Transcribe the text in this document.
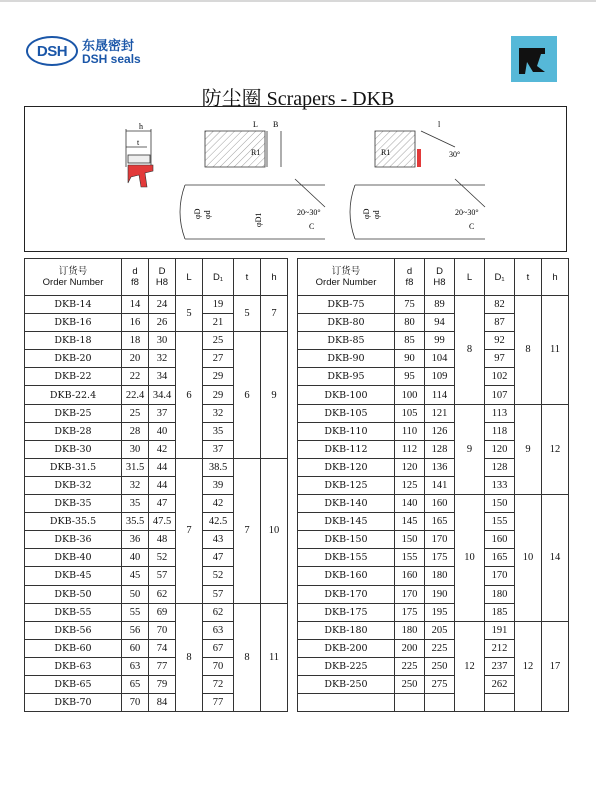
DSH	东晟密封
DSH seals
防尘圈 Scrapers - DKB
h
t
L B
R1
φD φd	φD1
20~30°
C
l
30°
R1
φD φd	20~30°
C
订货号
Order Number	d
f8	D
H8	L	D₁	t	h
DKB-14	14	24	5	19	5	7
DKB-16	16	26		21		
DKB-18	18	30	6	25	6	9
DKB-20	20	32		27		
DKB-22	22	34		29		
DKB-22.4	22.4	34.4		29		
DKB-25	25	37		32		
DKB-28	28	40		35		
DKB-30	30	42		37		
DKB-31.5	31.5	44	7	38.5	7	10
DKB-32	32	44		39		
DKB-35	35	47		42		
DKB-35.5	35.5	47.5		42.5		
DKB-36	36	48		43		
DKB-40	40	52		47		
DKB-45	45	57		52		
DKB-50	50	62		57		
DKB-55	55	69	8	62	8	11
DKB-56	56	70		63		
DKB-60	60	74		67		
DKB-63	63	77		70		
DKB-65	65	79		72		
DKB-70	70	84		77		
订货号
Order Number	d
f8	D
H8	L	D₁	t	h
DKB-75	75	89	8	82	8	11
DKB-80	80	94		87		
DKB-85	85	99		92		
DKB-90	90	104		97		
DKB-95	95	109		102		
DKB-100	100	114		107		
DKB-105	105	121	9	113	9	12
DKB-110	110	126		118		
DKB-112	112	128		120		
DKB-120	120	136		128		
DKB-125	125	141		133		
DKB-140	140	160	10	150	10	14
DKB-145	145	165		155		
DKB-150	150	170		160		
DKB-155	155	175		165		
DKB-160	160	180		170		
DKB-170	170	190		180		
DKB-175	175	195		185		
DKB-180	180	205	12	191	12	17
DKB-200	200	225		212		
DKB-225	225	250		237		
DKB-250	250	275		262		
